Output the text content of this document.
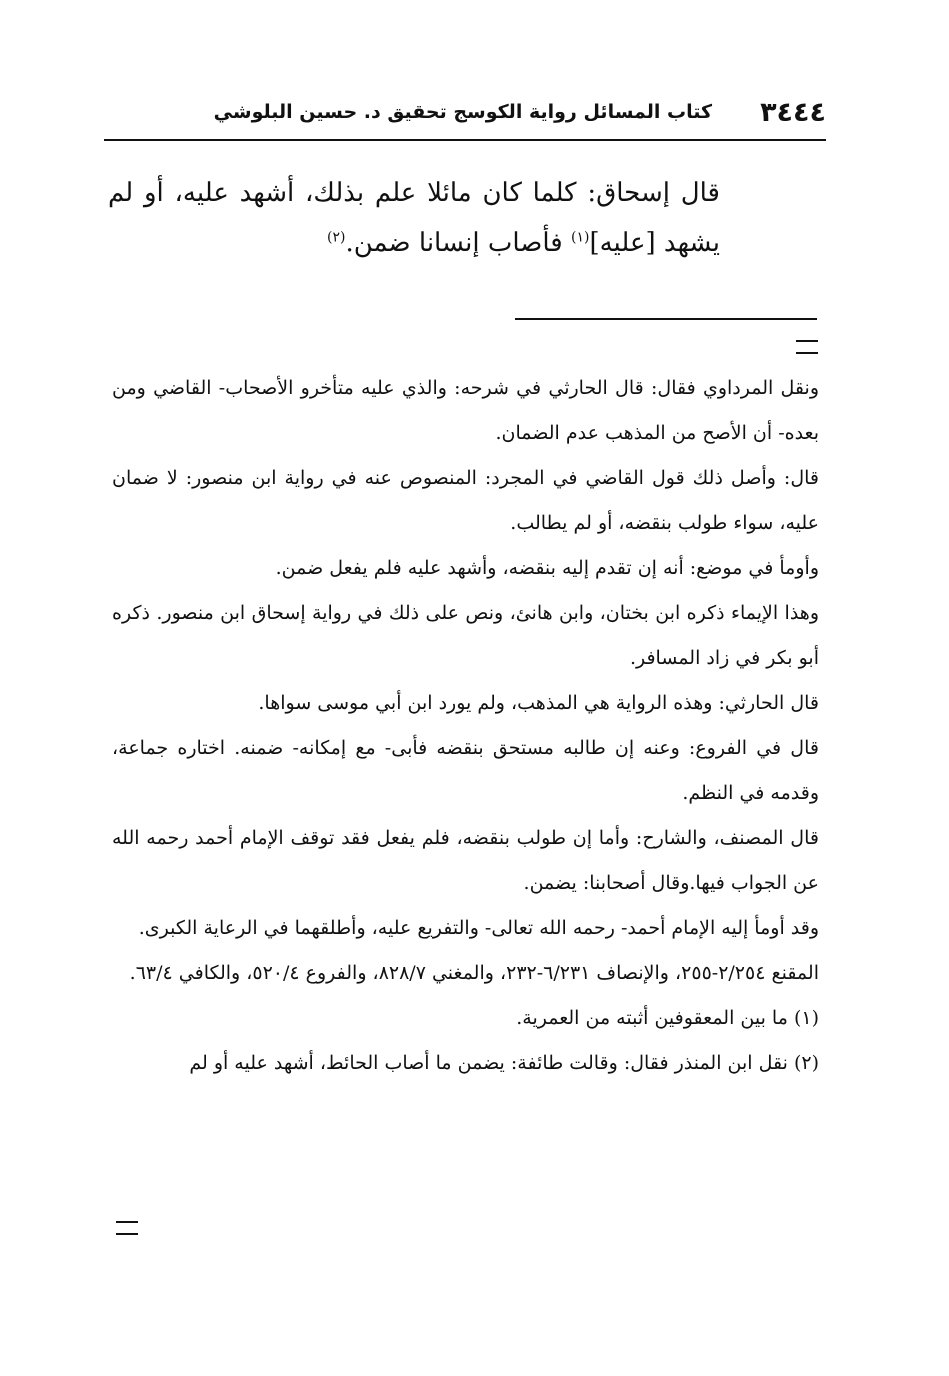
٣٤٤٤
كتاب المسائل رواية الكوسج تحقيق د. حسين البلوشي

قال إسحاق: كلما كان مائلا علم بذلك، أشهد عليه، أو لم يشهد [عليه]$^{(١)}$ فأصاب إنسانا ضمن.$^{(٢)}$

ونقل المرداوي فقال: قال الحارثي في شرحه: والذي عليه متأخرو الأصحاب- القاضي ومن بعده- أن الأصح من المذهب عدم الضمان.

قال: وأصل ذلك قول القاضي في المجرد: المنصوص عنه في رواية ابن منصور: لا ضمان عليه، سواء طولب بنقضه، أو لم يطالب.

وأومأ في موضع: أنه إن تقدم إليه بنقضه، وأشهد عليه فلم يفعل ضمن.

وهذا الإيماء ذكره ابن بختان، وابن هانئ، ونص على ذلك في رواية إسحاق ابن منصور. ذكره أبو بكر في زاد المسافر.

قال الحارثي: وهذه الرواية هي المذهب، ولم يورد ابن أبي موسى سواها.

قال في الفروع: وعنه إن طالبه مستحق بنقضه فأبى- مع إمكانه- ضمنه. اختاره جماعة، وقدمه في النظم.

قال المصنف، والشارح: وأما إن طولب بنقضه، فلم يفعل فقد توقف الإمام أحمد رحمه الله عن الجواب فيها.وقال أصحابنا: يضمن.

وقد أومأ إليه الإمام أحمد- رحمه الله تعالى- والتفريع عليه، وأطلقهما في الرعاية الكبرى.

المقنع ٢/٢٥٤-٢٥٥، والإنصاف ٦/٢٣١-٢٣٢، والمغني ٨٢٨/٧، والفروع ٥٢٠/٤، والكافي ٦٣/٤.

(١) ما بين المعقوفين أثبته من العمرية.

(٢) نقل ابن المنذر فقال: وقالت طائفة: يضمن ما أصاب الحائط، أشهد عليه أو لم
